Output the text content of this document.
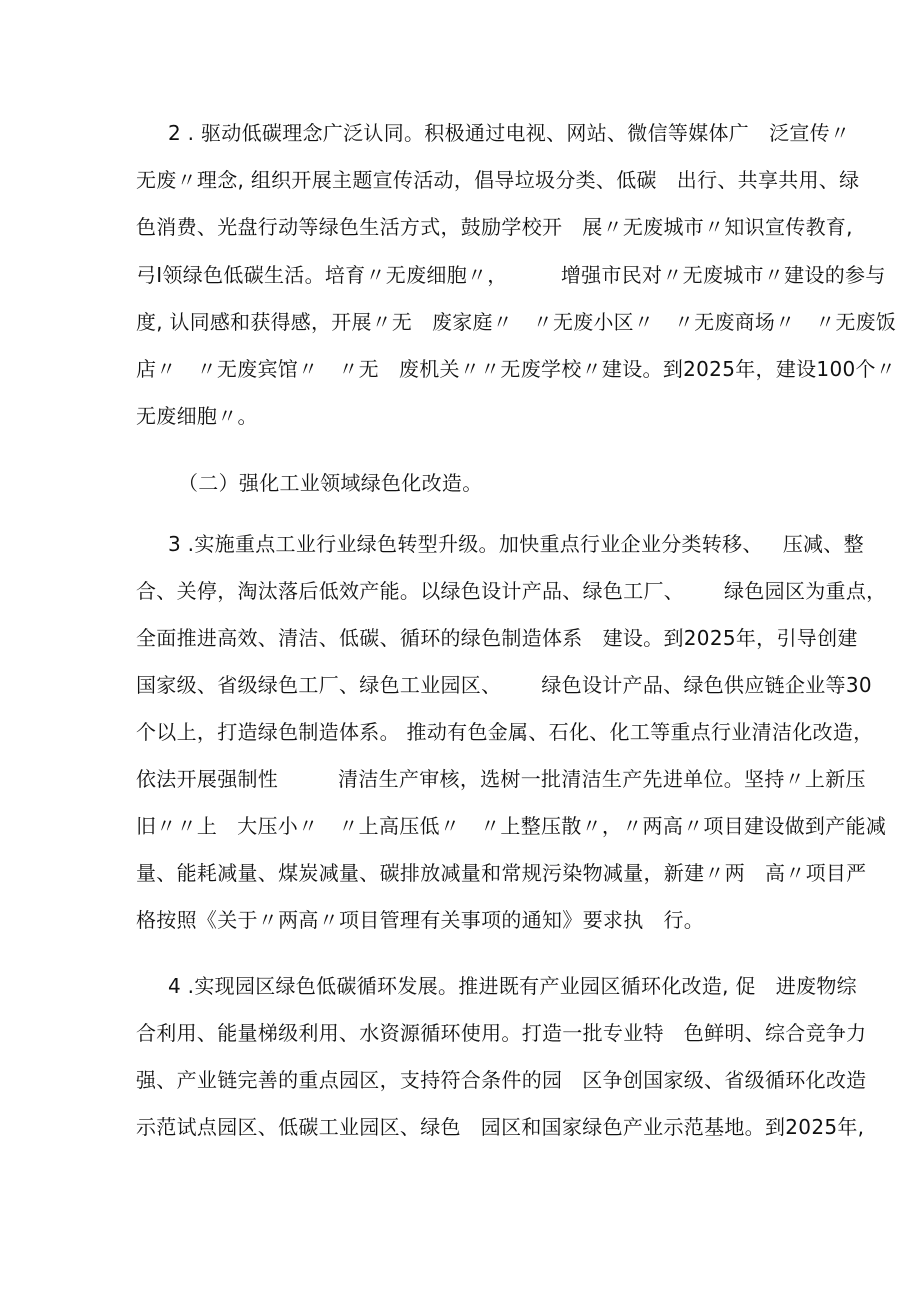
2 . 驱动低碳理念广泛认同。积极通过电视、网站、微信等媒体广   泛宣传〃
无废〃理念, 组织开展主题宣传活动，倡导垃圾分类、低碳   出行、共享共用、绿
色消费、光盘行动等绿色生活方式，鼓励学校开   展〃无废城市〃知识宣传教育,
弓I领绿色低碳生活。培育〃无废细胞〃，        增强市民对〃无废城市〃建设的参与
度, 认同感和获得感，开展〃无   废家庭〃   〃无废小区〃   〃无废商场〃   〃无废饭
店〃   〃无废宾馆〃   〃无   废机关〃〃无废学校〃建设。到2025年，建设100个〃
无废细胞〃。
（二）强化工业领域绿色化改造。
3 .实施重点工业行业绿色转型升级。加快重点行业企业分类转移、   压减、整
合、关停，淘汰落后低效产能。以绿色设计产品、绿色工厂、      绿色园区为重点，
全面推进高效、清洁、低碳、循环的绿色制造体系   建设。到2025年，引导创建
国家级、省级绿色工厂、绿色工业园区、      绿色设计产品、绿色供应链企业等30
个以上，打造绿色制造体系。 推动有色金属、石化、化工等重点行业清洁化改造，
依法开展强制性         清洁生产审核，选树一批清洁生产先进单位。坚持〃上新压
旧〃〃上   大压小〃   〃上高压低〃   〃上整压散〃，〃两高〃项目建设做到产能减
量、能耗减量、煤炭减量、碳排放减量和常规污染物减量，新建〃两   高〃项目严
格按照《关于〃两高〃项目管理有关事项的通知》要求执   行。
4 .实现园区绿色低碳循环发展。推进既有产业园区循环化改造, 促   进废物综
合利用、能量梯级利用、水资源循环使用。打造一批专业特   色鲜明、综合竞争力
强、产业链完善的重点园区，支持符合条件的园   区争创国家级、省级循环化改造
示范试点园区、低碳工业园区、绿色   园区和国家绿色产业示范基地。到2025年,
